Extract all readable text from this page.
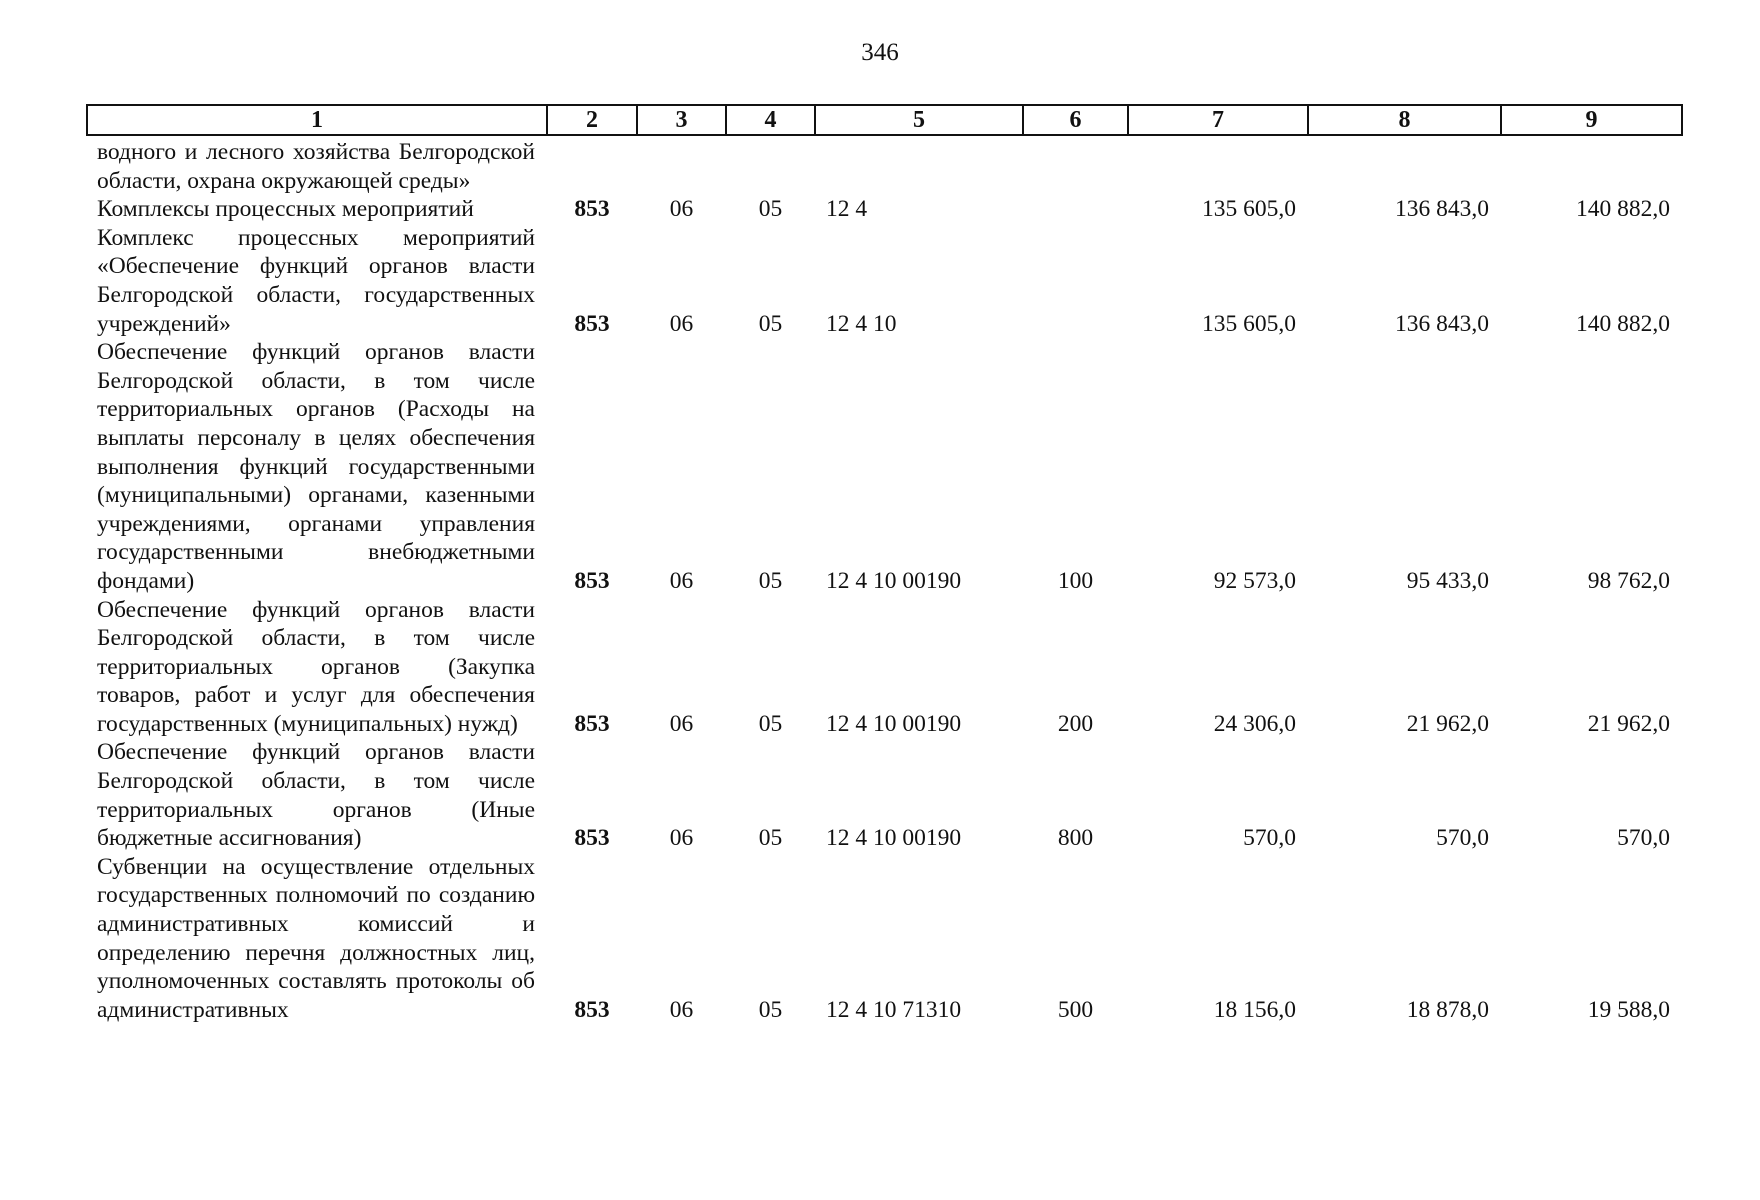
346
1	2	3	4	5	6	7	8	9
водного и лесного хозяйства Белгородской области, охрана окружающей среды»								
Комплексы процессных мероприятий	853	06	05	12 4		135 605,0	136 843,0	140 882,0
Комплекс процессных мероприятий «Обеспечение функций органов власти Белгородской области, государственных учреждений»	853	06	05	12 4 10		135 605,0	136 843,0	140 882,0
Обеспечение функций органов власти Белгородской области, в том числе территориальных органов (Расходы на выплаты персоналу в целях обеспечения выполнения функций государственными (муниципальными) органами, казенными учреждениями, органами управления государственными внебюджетными фондами)	853	06	05	12 4 10 00190	100	92 573,0	95 433,0	98 762,0
Обеспечение функций органов власти Белгородской области, в том числе территориальных органов (Закупка товаров, работ и услуг для обеспечения государственных (муниципальных) нужд)	853	06	05	12 4 10 00190	200	24 306,0	21 962,0	21 962,0
Обеспечение функций органов власти Белгородской области, в том числе территориальных органов (Иные бюджетные ассигнования)	853	06	05	12 4 10 00190	800	570,0	570,0	570,0
Субвенции на осуществление отдельных государственных полномочий по созданию административных комиссий и определению перечня должностных лиц, уполномоченных составлять протоколы об административных	853	06	05	12 4 10 71310	500	18 156,0	18 878,0	19 588,0
